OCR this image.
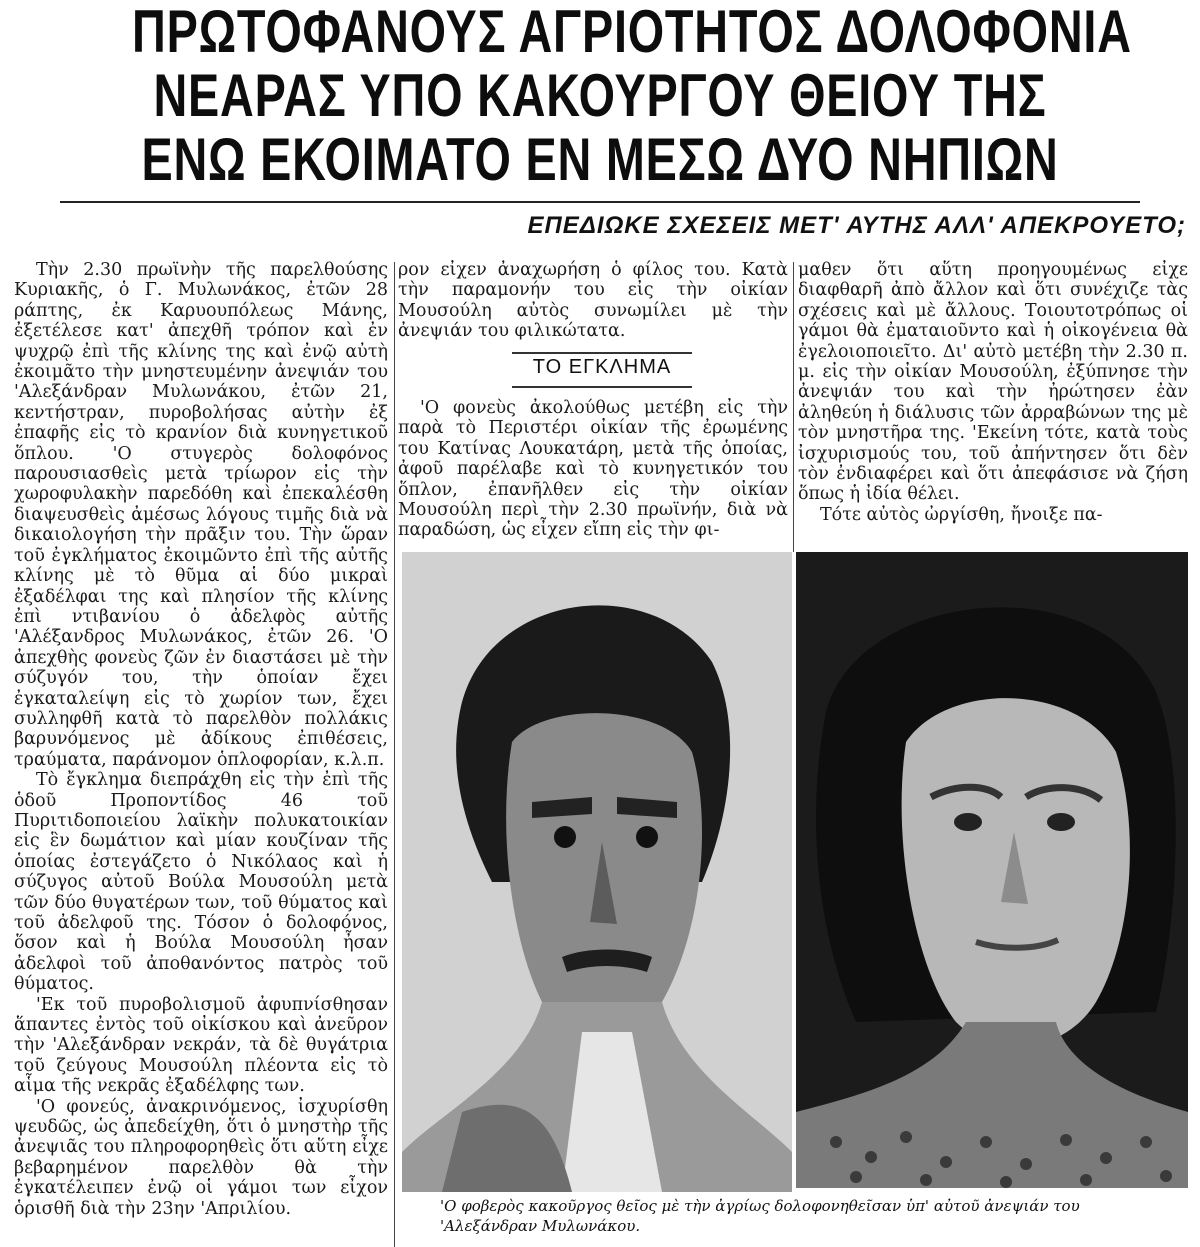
ΠΡΩΤΟΦΑΝΟΥΣ ΑΓΡΙΟΤΗΤΟΣ ΔΟΛΟΦΟΝΙΑ
ΝΕΑΡΑΣ ΥΠΟ ΚΑΚΟΥΡΓΟΥ ΘΕΙΟΥ ΤΗΣ
ΕΝΩ ΕΚΟΙΜΑΤΟ ΕΝ ΜΕΣΩ ΔΥΟ ΝΗΠΙΩΝ
ΕΠΕΔΙΩΚΕ ΣΧΕΣΕΙΣ ΜΕΤ' ΑΥΤΗΣ ΑΛΛ' ΑΠΕΚΡΟΥΕΤΟ;

Τὴν 2.30 πρωϊνὴν τῆς παρελθούσης Κυριακῆς, ὁ Γ. Μυλωνάκος, ἐτῶν 28 ράπτης, ἐκ Καρυουπόλεως Μάνης, ἐξετέλεσε κατ' ἀπεχθῆ τρόπον καὶ ἐν ψυχρῷ ἐπὶ τῆς κλίνης της καὶ ἐνῷ αὐτὴ ἐκοιμᾶτο τὴν μνηστευμένην ἀνεψιάν του 'Αλεξάνδραν Μυλωνάκου, ἐτῶν 21, κεντήστραν, πυροβολήσας αὐτὴν ἐξ ἐπαφῆς εἰς τὸ κρανίον διὰ κυνηγετικοῦ ὅπλου. 'Ο στυγερὸς δολοφόνος παρουσιασθεὶς μετὰ τρίωρον εἰς τὴν χωροφυλακὴν παρεδόθη καὶ ἐπεκαλέσθη διαψευσθεὶς ἀμέσως λόγους τιμῆς διὰ νὰ δικαιολογήση τὴν πρᾶξιν του. Τὴν ὥραν τοῦ ἐγκλήματος ἐκοιμῶντο ἐπὶ τῆς αὐτῆς κλίνης μὲ τὸ θῦμα αἱ δύο μικραὶ ἐξαδέλφαι της καὶ πλησίον τῆς κλίνης ἐπὶ ντιβανίου ὁ ἀδελφὸς αὐτῆς 'Αλέξανδρος Μυλωνάκος, ἐτῶν 26. 'Ο ἀπεχθὴς φονεὺς ζῶν ἐν διαστάσει μὲ τὴν σύζυγόν του, τὴν ὁποίαν ἔχει ἐγκαταλείψη εἰς τὸ χωρίον των, ἔχει συλληφθῆ κατὰ τὸ παρελθὸν πολλάκις βαρυνόμενος μὲ ἀδίκους ἐπιθέσεις, τραύματα, παράνομον ὁπλοφορίαν, κ.λ.π.

Τὸ ἔγκλημα διεπράχθη εἰς τὴν ἐπὶ τῆς ὁδοῦ Προποντίδος 46 τοῦ Πυριτιδοποιείου λαϊκὴν πολυκατοικίαν εἰς ἓν δωμάτιον καὶ μίαν κουζίναν τῆς ὁποίας ἐστεγάζετο ὁ Νικόλαος καὶ ἡ σύζυγος αὐτοῦ Βούλα Μουσούλη μετὰ τῶν δύο θυγατέρων των, τοῦ θύματος καὶ τοῦ ἀδελφοῦ της. Τόσον ὁ δολοφόνος, ὅσον καὶ ἡ Βούλα Μουσούλη ἦσαν ἀδελφοὶ τοῦ ἀποθανόντος πατρὸς τοῦ θύματος.

'Εκ τοῦ πυροβολισμοῦ ἀφυπνίσθησαν ἅπαντες ἐντὸς τοῦ οἰκίσκου καὶ ἀνεῦρον τὴν 'Αλεξάνδραν νεκράν, τὰ δὲ θυγάτρια τοῦ ζεύγους Μουσούλη πλέοντα εἰς τὸ αἷμα τῆς νεκρᾶς ἐξαδέλφης των.

'Ο φονεύς, ἀνακρινόμενος, ἰσχυρίσθη ψευδῶς, ὡς ἀπεδείχθη, ὅτι ὁ μνηστὴρ τῆς ἀνεψιᾶς του πληροφορηθεὶς ὅτι αὕτη εἶχε βεβαρημένον παρελθὸν θὰ τὴν ἐγκατέλειπεν ἐνῷ οἱ γάμοι των εἶχον ὁρισθῆ διὰ τὴν 23ην 'Απριλίου.

ρον εἶχεν ἀναχωρήση ὁ φίλος του. Κατὰ τὴν παραμονήν του εἰς τὴν οἰκίαν Μουσούλη αὐτὸς συνωμίλει μὲ τὴν ἀνεψιάν του φιλικώτατα.

ΤΟ ΕΓΚΛΗΜΑ

'Ο φονεὺς ἀκολούθως μετέβη εἰς τὴν παρὰ τὸ Περιστέρι οἰκίαν τῆς ἐρωμένης του Κατίνας Λουκατάρη, μετὰ τῆς ὁποίας, ἀφοῦ παρέλαβε καὶ τὸ κυνηγετικόν του ὅπλον, ἐπανῆλθεν εἰς τὴν οἰκίαν Μουσούλη περὶ τὴν 2.30 πρωϊνήν, διὰ νὰ παραδώση, ὡς εἶχεν εἴπη εἰς τὴν φι-

μαθεν ὅτι αὕτη προηγουμένως εἶχε διαφθαρῆ ἀπὸ ἄλλον καὶ ὅτι συνέχιζε τὰς σχέσεις καὶ μὲ ἄλλους. Τοιουτοτρόπως οἱ γάμοι θὰ ἐματαιοῦντο καὶ ἡ οἰκογένεια θὰ ἐγελοιοποιεῖτο. Δι' αὐτὸ μετέβη τὴν 2.30 π. μ. εἰς τὴν οἰκίαν Μουσούλη, ἐξύπνησε τὴν ἀνεψιάν του καὶ τὴν ἠρώτησεν ἐὰν ἀληθεύη ἡ διάλυσις τῶν ἀρραβώνων της μὲ τὸν μνηστῆρα της. 'Εκείνη τότε, κατὰ τοὺς ἰσχυρισμούς του, τοῦ ἀπήντησεν ὅτι δὲν τὸν ἐνδιαφέρει καὶ ὅτι ἀπεφάσισε νὰ ζήση ὅπως ἡ ἰδία θέλει.

Τότε αὐτὸς ὠργίσθη, ἤνοιξε πα-

'Ο φοβερὸς κακοῦργος θεῖος μὲ τὴν ἀγρίως δολοφονηθεῖσαν ὑπ' αὐτοῦ ἀνεψιάν του 'Αλεξάνδραν Μυλωνάκου.
